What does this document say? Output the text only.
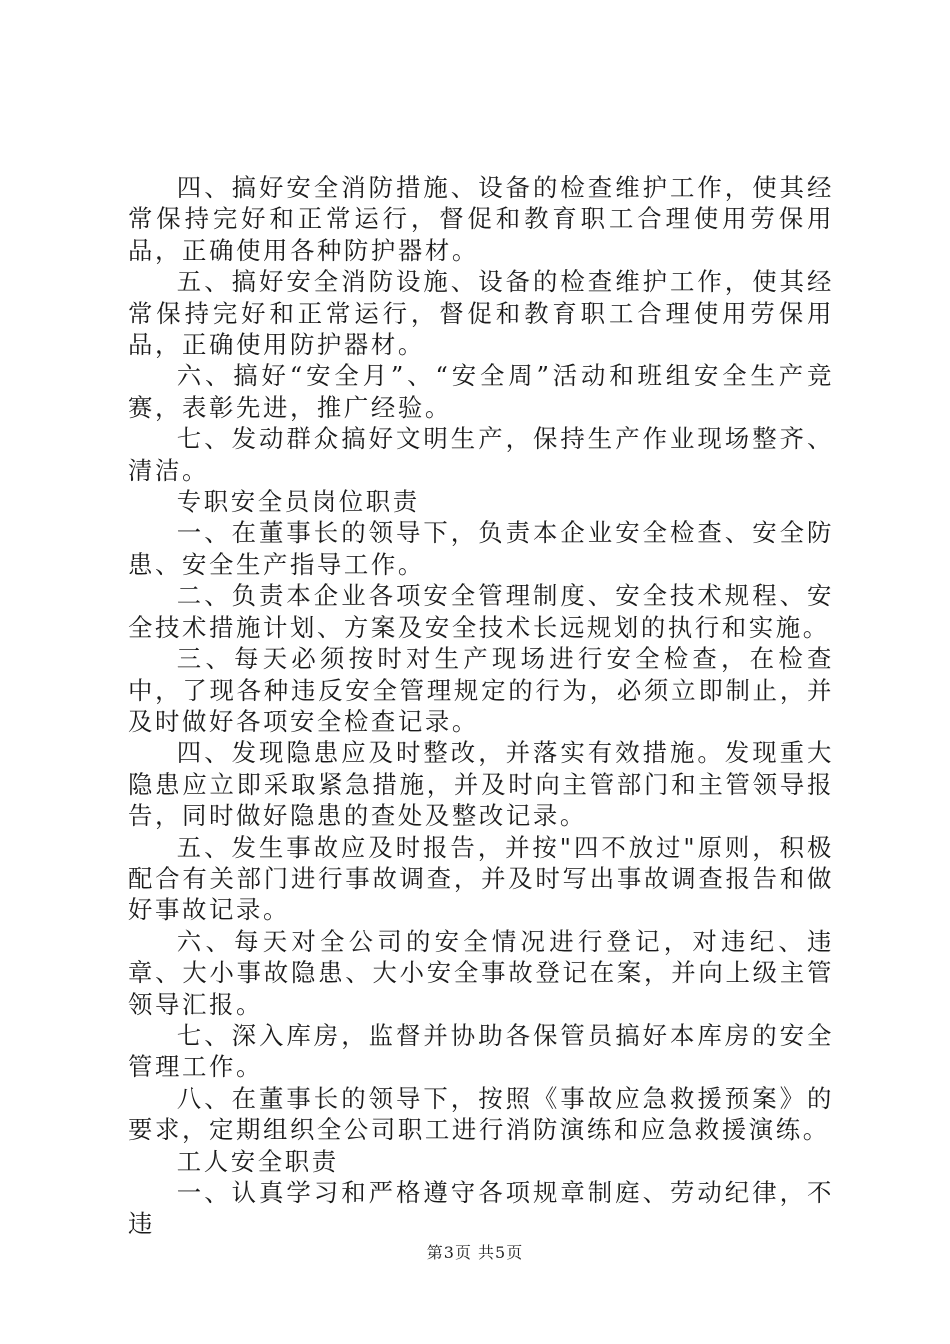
四、搞好安全消防措施、设备的检查维护工作，使其经常保持完好和正常运行，督促和教育职工合理使用劳保用品，正确使用各种防护器材。

五、搞好安全消防设施、设备的检查维护工作，使其经常保持完好和正常运行，督促和教育职工合理使用劳保用品，正确使用防护器材。

六、搞好“安全月”、“安全周”活动和班组安全生产竞赛，表彰先进，推广经验。

七、发动群众搞好文明生产，保持生产作业现场整齐、清洁。

专职安全员岗位职责

一、在董事长的领导下，负责本企业安全检查、安全防患、安全生产指导工作。

二、负责本企业各项安全管理制度、安全技术规程、安全技术措施计划、方案及安全技术长远规划的执行和实施。

三、每天必须按时对生产现场进行安全检查，在检查中，了现各种违反安全管理规定的行为，必须立即制止，并及时做好各项安全检查记录。

四、发现隐患应及时整改，并落实有效措施。发现重大隐患应立即采取紧急措施，并及时向主管部门和主管领导报告，同时做好隐患的查处及整改记录。

五、发生事故应及时报告，并按"四不放过"原则，积极配合有关部门进行事故调查，并及时写出事故调查报告和做好事故记录。

六、每天对全公司的安全情况进行登记，对违纪、违章、大小事故隐患、大小安全事故登记在案，并向上级主管领导汇报。

七、深入库房，监督并协助各保管员搞好本库房的安全管理工作。

八、在董事长的领导下，按照《事故应急救援预案》的要求，定期组织全公司职工进行消防演练和应急救援演练。

工人安全职责

一、认真学习和严格遵守各项规章制庭、劳动纪律，不违

第3页 共5页
